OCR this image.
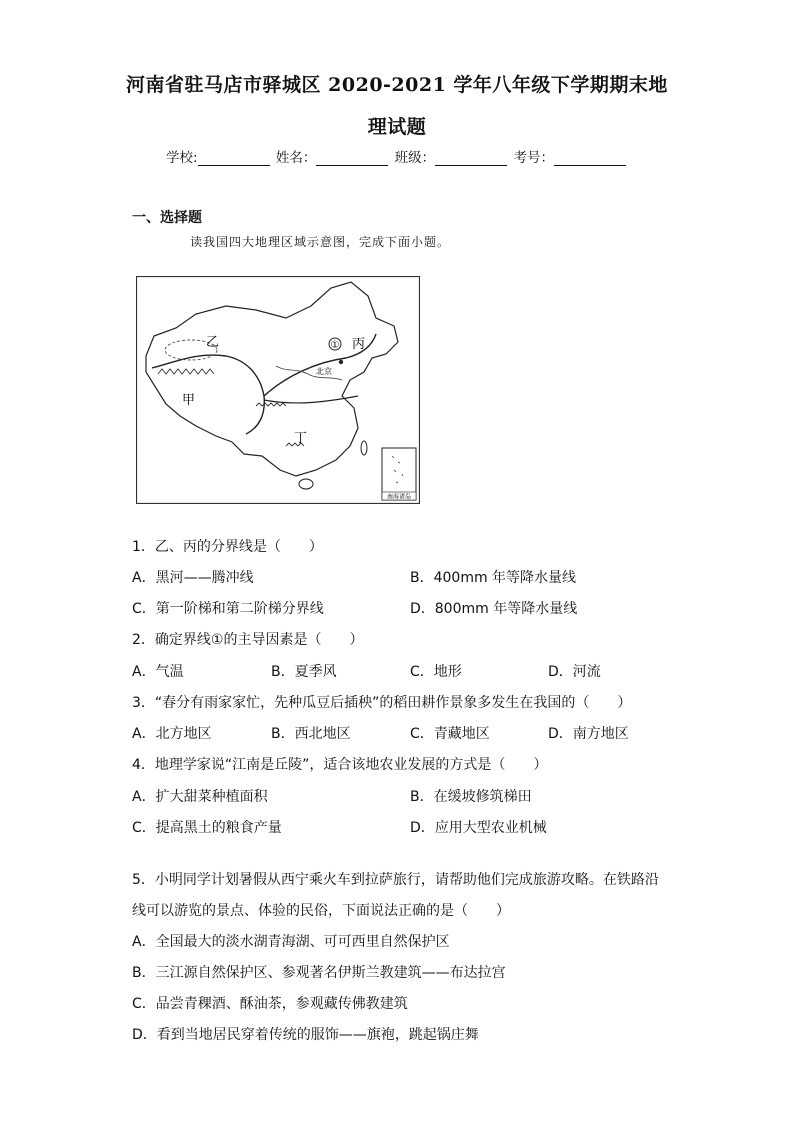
河南省驻马店市驿城区 2020-2021 学年八年级下学期期末地
理试题
学校:	姓名：	班级：	考号：
一、选择题
读我国四大地理区域示意图，完成下面小题。
①
乙	丙
甲
丁
北京
南海诸岛
1．乙、丙的分界线是（　　）
A．黑河——腾冲线	B．400mm 年等降水量线
C．第一阶梯和第二阶梯分界线	D．800mm 年等降水量线
2．确定界线①的主导因素是（　　）
A．气温	B．夏季风	C．地形	D．河流
3．“春分有雨家家忙，先种瓜豆后插秧”的稻田耕作景象多发生在我国的（　　）
A．北方地区	B．西北地区	C．青藏地区	D．南方地区
4．地理学家说“江南是丘陵”，适合该地农业发展的方式是（　　）
A．扩大甜菜种植面积	B．在缓坡修筑梯田
C．提高黑土的粮食产量	D．应用大型农业机械
5．小明同学计划暑假从西宁乘火车到拉萨旅行，请帮助他们完成旅游攻略。在铁路沿
线可以游览的景点、体验的民俗，下面说法正确的是（　　）
A．全国最大的淡水湖青海湖、可可西里自然保护区
B．三江源自然保护区、参观著名伊斯兰教建筑——布达拉宫
C．品尝青稞酒、酥油茶，参观藏传佛教建筑
D．看到当地居民穿着传统的服饰——旗袍，跳起锅庄舞
